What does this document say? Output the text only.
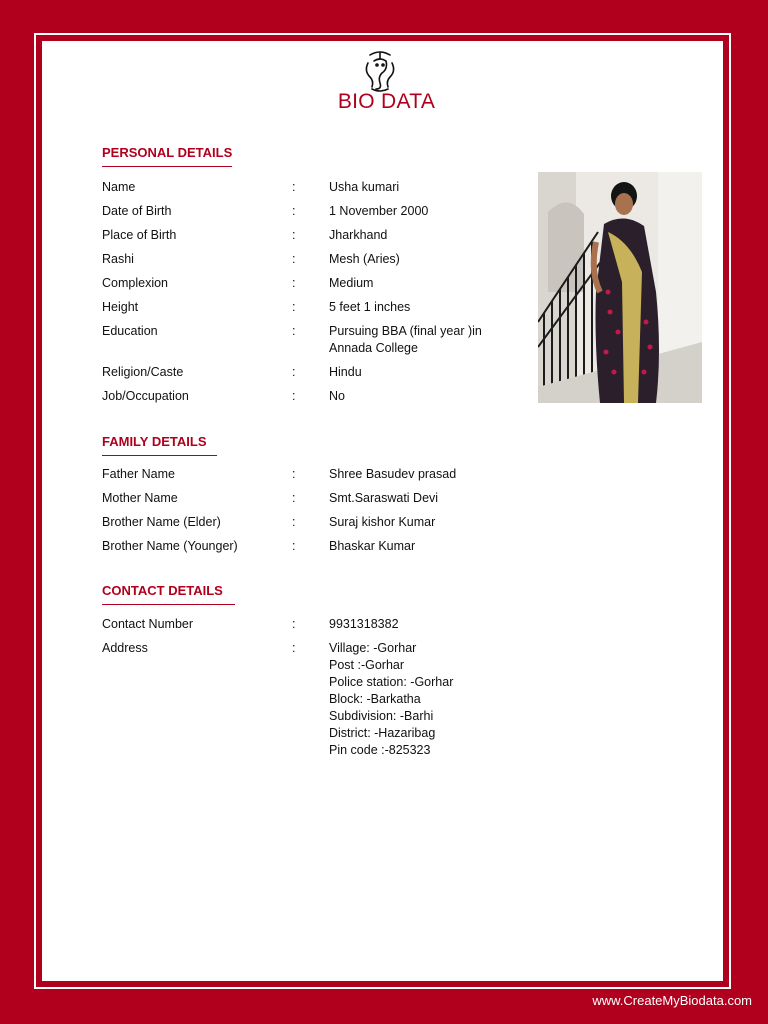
BIO DATA
PERSONAL DETAILS
Name	:	Usha kumari
Date of Birth	:	1 November 2000
Place of Birth	:	Jharkhand
Rashi	:	Mesh (Aries)
Complexion	:	Medium
Height	:	5 feet 1 inches
Education	:	Pursuing BBA (final year )in Annada College
Religion/Caste	:	Hindu
Job/Occupation	:	No
FAMILY DETAILS
Father Name	:	Shree Basudev prasad
Mother Name	:	Smt.Saraswati Devi
Brother Name (Elder)	:	Suraj kishor Kumar
Brother Name (Younger)	:	Bhaskar Kumar
CONTACT DETAILS
Contact Number	:	9931318382
Address	:	Village: -Gorhar
Post :-Gorhar
Police station: -Gorhar
Block: -Barkatha
Subdivision: -Barhi
District: -Hazaribag
Pin code :-825323
www.CreateMyBiodata.com
